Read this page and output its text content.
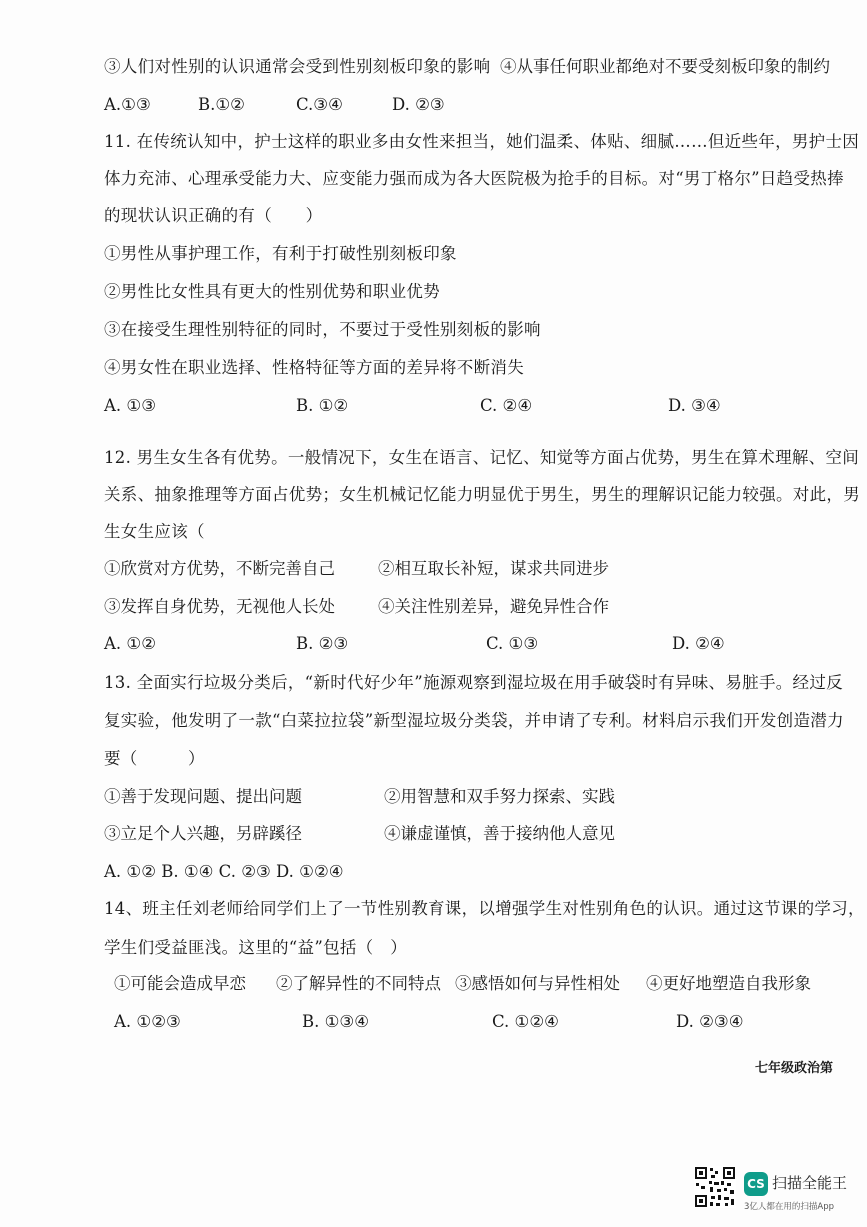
③人们对性别的认识通常会受到性别刻板印象的影响 ④从事任何职业都绝对不要受刻板印象的制约
A.①③	B.①②	C.③④	D. ②③
11. 在传统认知中，护士这样的职业多由女性来担当，她们温柔、体贴、细腻……但近些年，男护士因
体力充沛、心理承受能力大、应变能力强而成为各大医院极为抢手的目标。对“男丁格尔”日趋受热捧
的现状认识正确的有（　　）
①男性从事护理工作，有利于打破性别刻板印象
②男性比女性具有更大的性别优势和职业优势
③在接受生理性别特征的同时，不要过于受性别刻板的影响
④男女性在职业选择、性格特征等方面的差异将不断消失
A. ①③	B. ①②	C. ②④	D. ③④
12. 男生女生各有优势。一般情况下，女生在语言、记忆、知觉等方面占优势，男生在算术理解、空间
关系、抽象推理等方面占优势；女生机械记忆能力明显优于男生，男生的理解识记能力较强。对此，男
生女生应该（
①欣赏对方优势，不断完善自己	②相互取长补短，谋求共同进步
③发挥自身优势，无视他人长处	④关注性别差异，避免异性合作
A. ①②	B. ②③	C. ①③	D. ②④
13. 全面实行垃圾分类后，“新时代好少年”施源观察到湿垃圾在用手破袋时有异味、易脏手。经过反
复实验，他发明了一款“白菜拉拉袋”新型湿垃圾分类袋，并申请了专利。材料启示我们开发创造潜力
要（　　　）
①善于发现问题、提出问题	②用智慧和双手努力探索、实践
③立足个人兴趣，另辟蹊径	④谦虚谨慎，善于接纳他人意见
A. ①② B. ①④ C. ②③ D. ①②④
14、班主任刘老师给同学们上了一节性别教育课，以增强学生对性别角色的认识。通过这节课的学习，
学生们受益匪浅。这里的“益”包括（　）
①可能会造成早恋 ②了解异性的不同特点 ③感悟如何与异性相处 ④更好地塑造自我形象
A. ①②③	B. ①③④	C. ①②④	D. ②③④
七年级政治第
CS 扫描全能王
3亿人都在用的扫描App
